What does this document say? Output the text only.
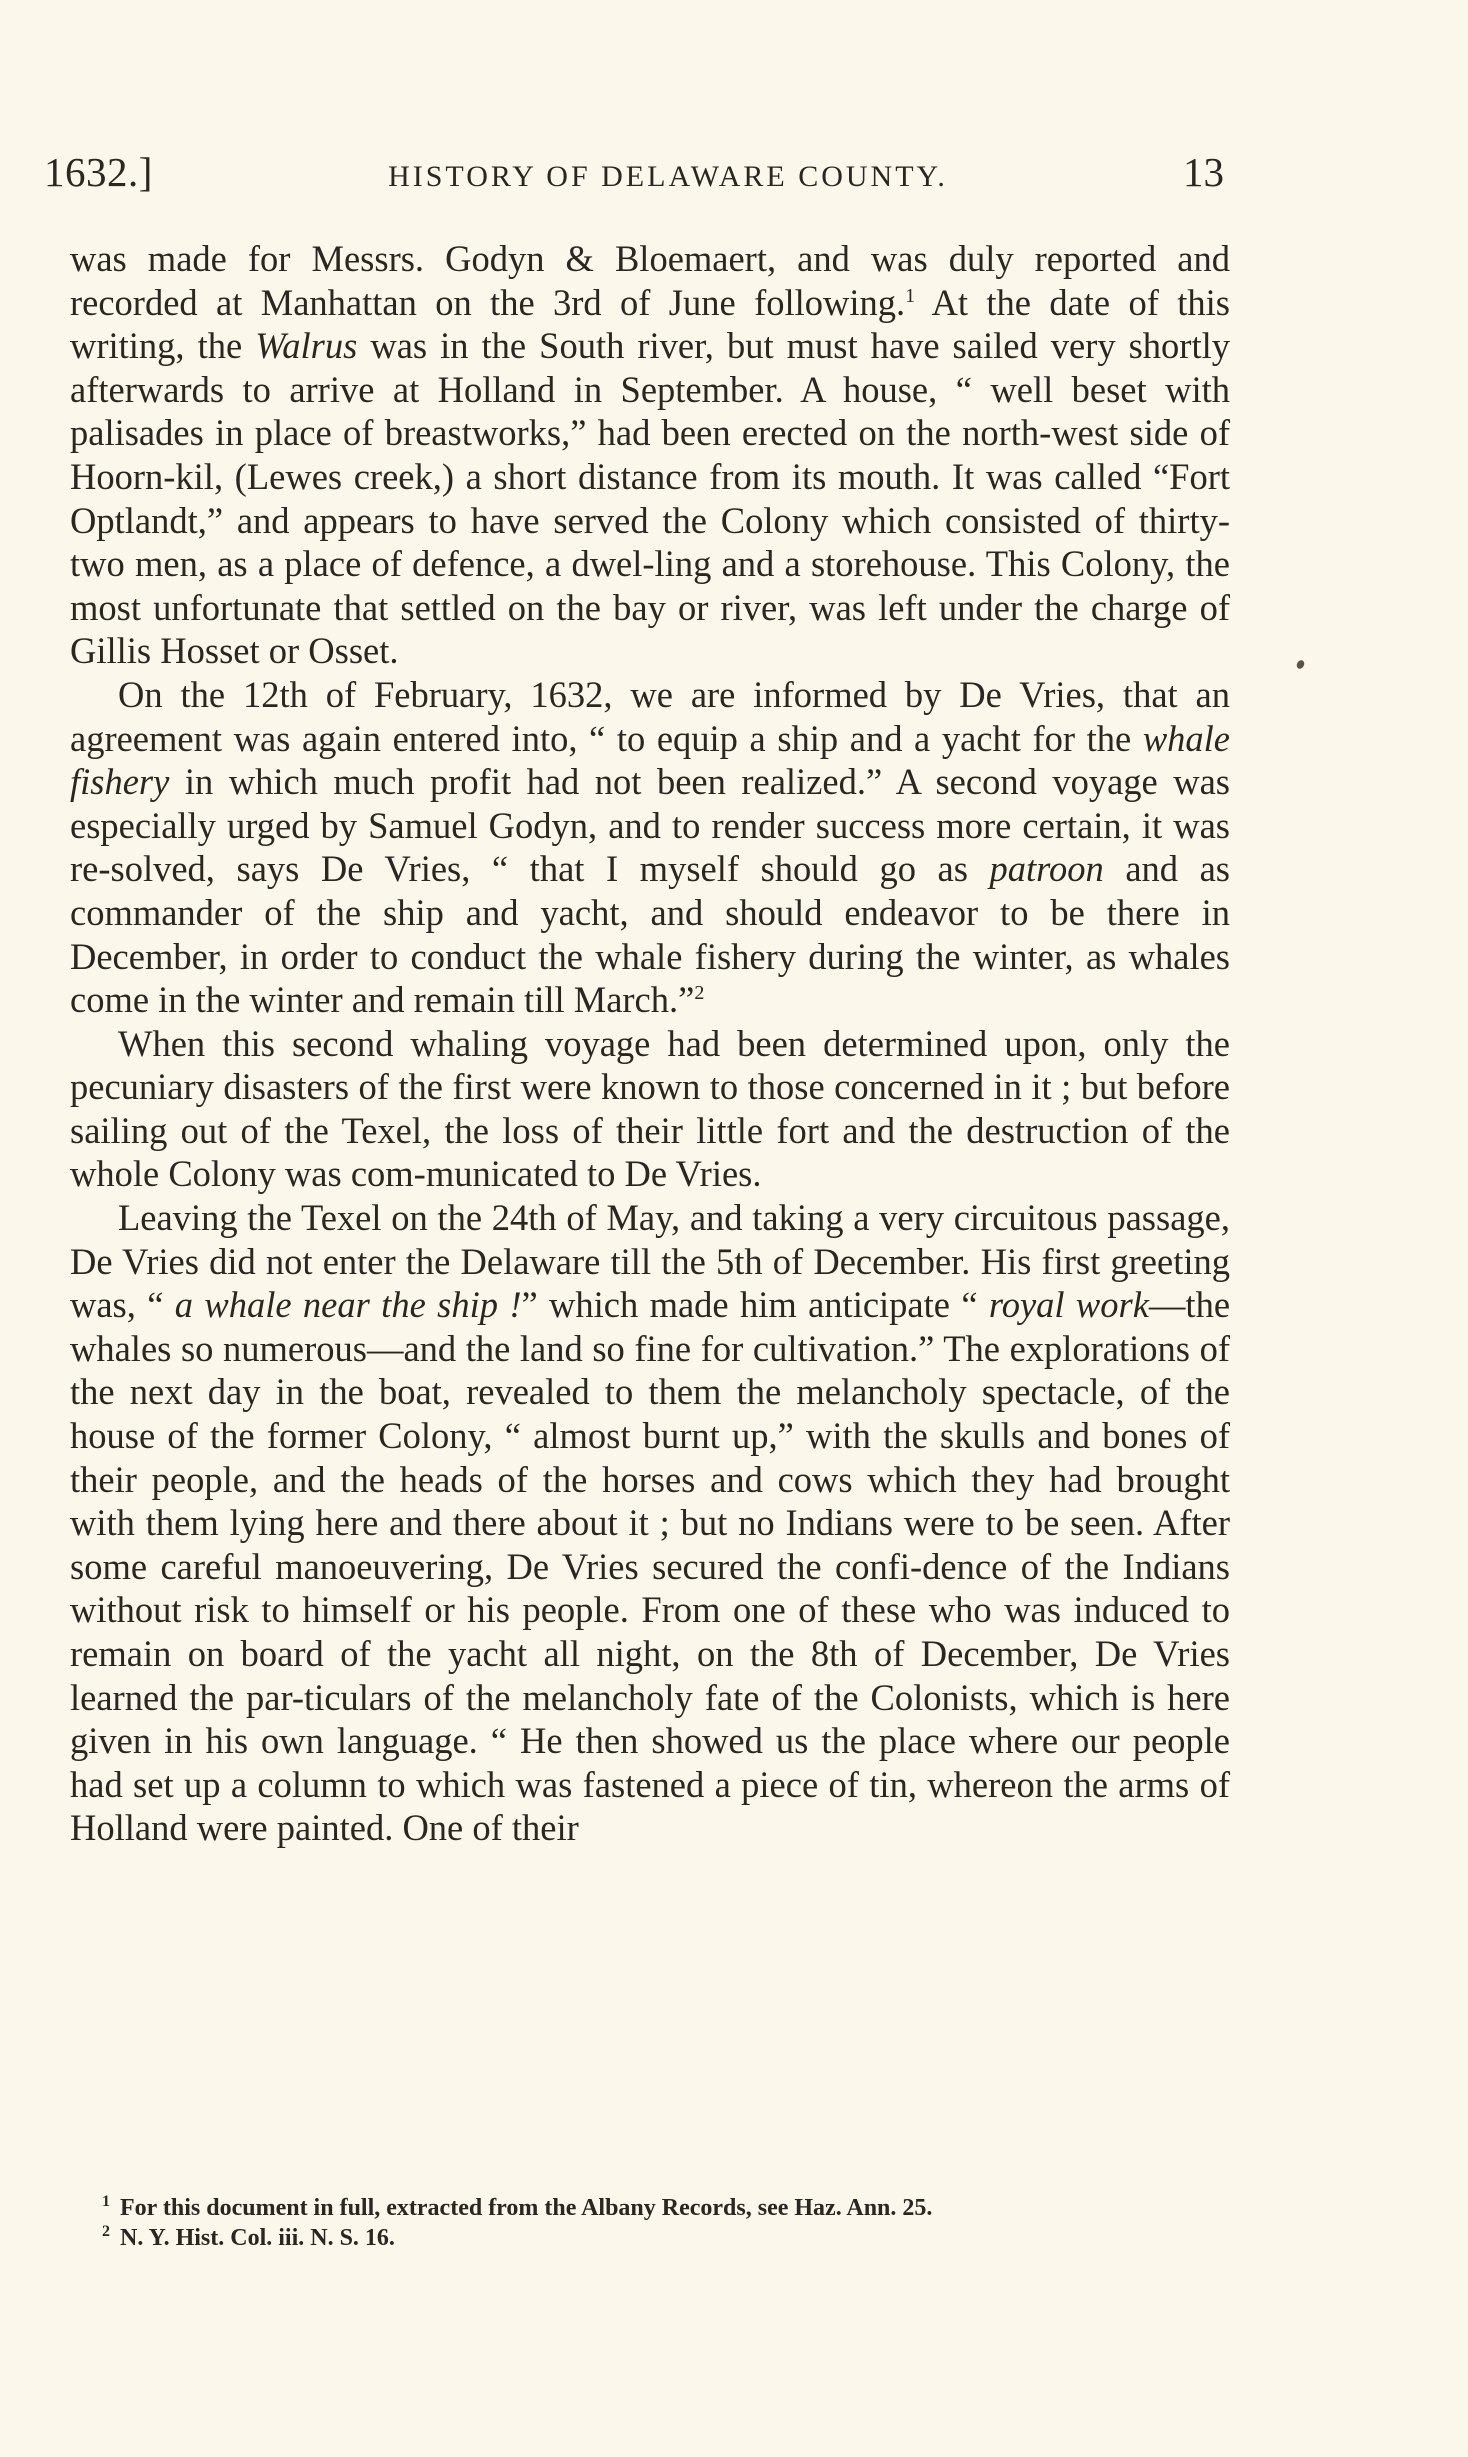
1632.]	HISTORY OF DELAWARE COUNTY.	13

was made for Messrs. Godyn & Bloemaert, and was duly reported and recorded at Manhattan on the 3rd of June following.$^1$ At the date of this writing, the Walrus was in the South river, but must have sailed very shortly afterwards to arrive at Holland in September. A house, “ well beset with palisades in place of breastworks,” had been erected on the north-west side of Hoorn-kil, (Lewes creek,) a short distance from its mouth. It was called “Fort Optlandt,” and appears to have served the Colony which consisted of thirty-two men, as a place of defence, a dwel-ling and a storehouse. This Colony, the most unfortunate that settled on the bay or river, was left under the charge of Gillis Hosset or Osset.

On the 12th of February, 1632, we are informed by De Vries, that an agreement was again entered into, “ to equip a ship and a yacht for the whale fishery in which much profit had not been realized.” A second voyage was especially urged by Samuel Godyn, and to render success more certain, it was re-solved, says De Vries, “ that I myself should go as patroon and as commander of the ship and yacht, and should endeavor to be there in December, in order to conduct the whale fishery during the winter, as whales come in the winter and remain till March.”$^2$

When this second whaling voyage had been determined upon, only the pecuniary disasters of the first were known to those concerned in it ; but before sailing out of the Texel, the loss of their little fort and the destruction of the whole Colony was com-municated to De Vries.

Leaving the Texel on the 24th of May, and taking a very circuitous passage, De Vries did not enter the Delaware till the 5th of December. His first greeting was, “ a whale near the ship !” which made him anticipate “ royal work—the whales so numerous—and the land so fine for cultivation.” The explorations of the next day in the boat, revealed to them the melancholy spectacle, of the house of the former Colony, “ almost burnt up,” with the skulls and bones of their people, and the heads of the horses and cows which they had brought with them lying here and there about it ; but no Indians were to be seen. After some careful manoeuvering, De Vries secured the confi-dence of the Indians without risk to himself or his people. From one of these who was induced to remain on board of the yacht all night, on the 8th of December, De Vries learned the par-ticulars of the melancholy fate of the Colonists, which is here given in his own language. “ He then showed us the place where our people had set up a column to which was fastened a piece of tin, whereon the arms of Holland were painted. One of their

$^1$ For this document in full, extracted from the Albany Records, see Haz. Ann. 25.
$^2$ N. Y. Hist. Col. iii. N. S. 16.
